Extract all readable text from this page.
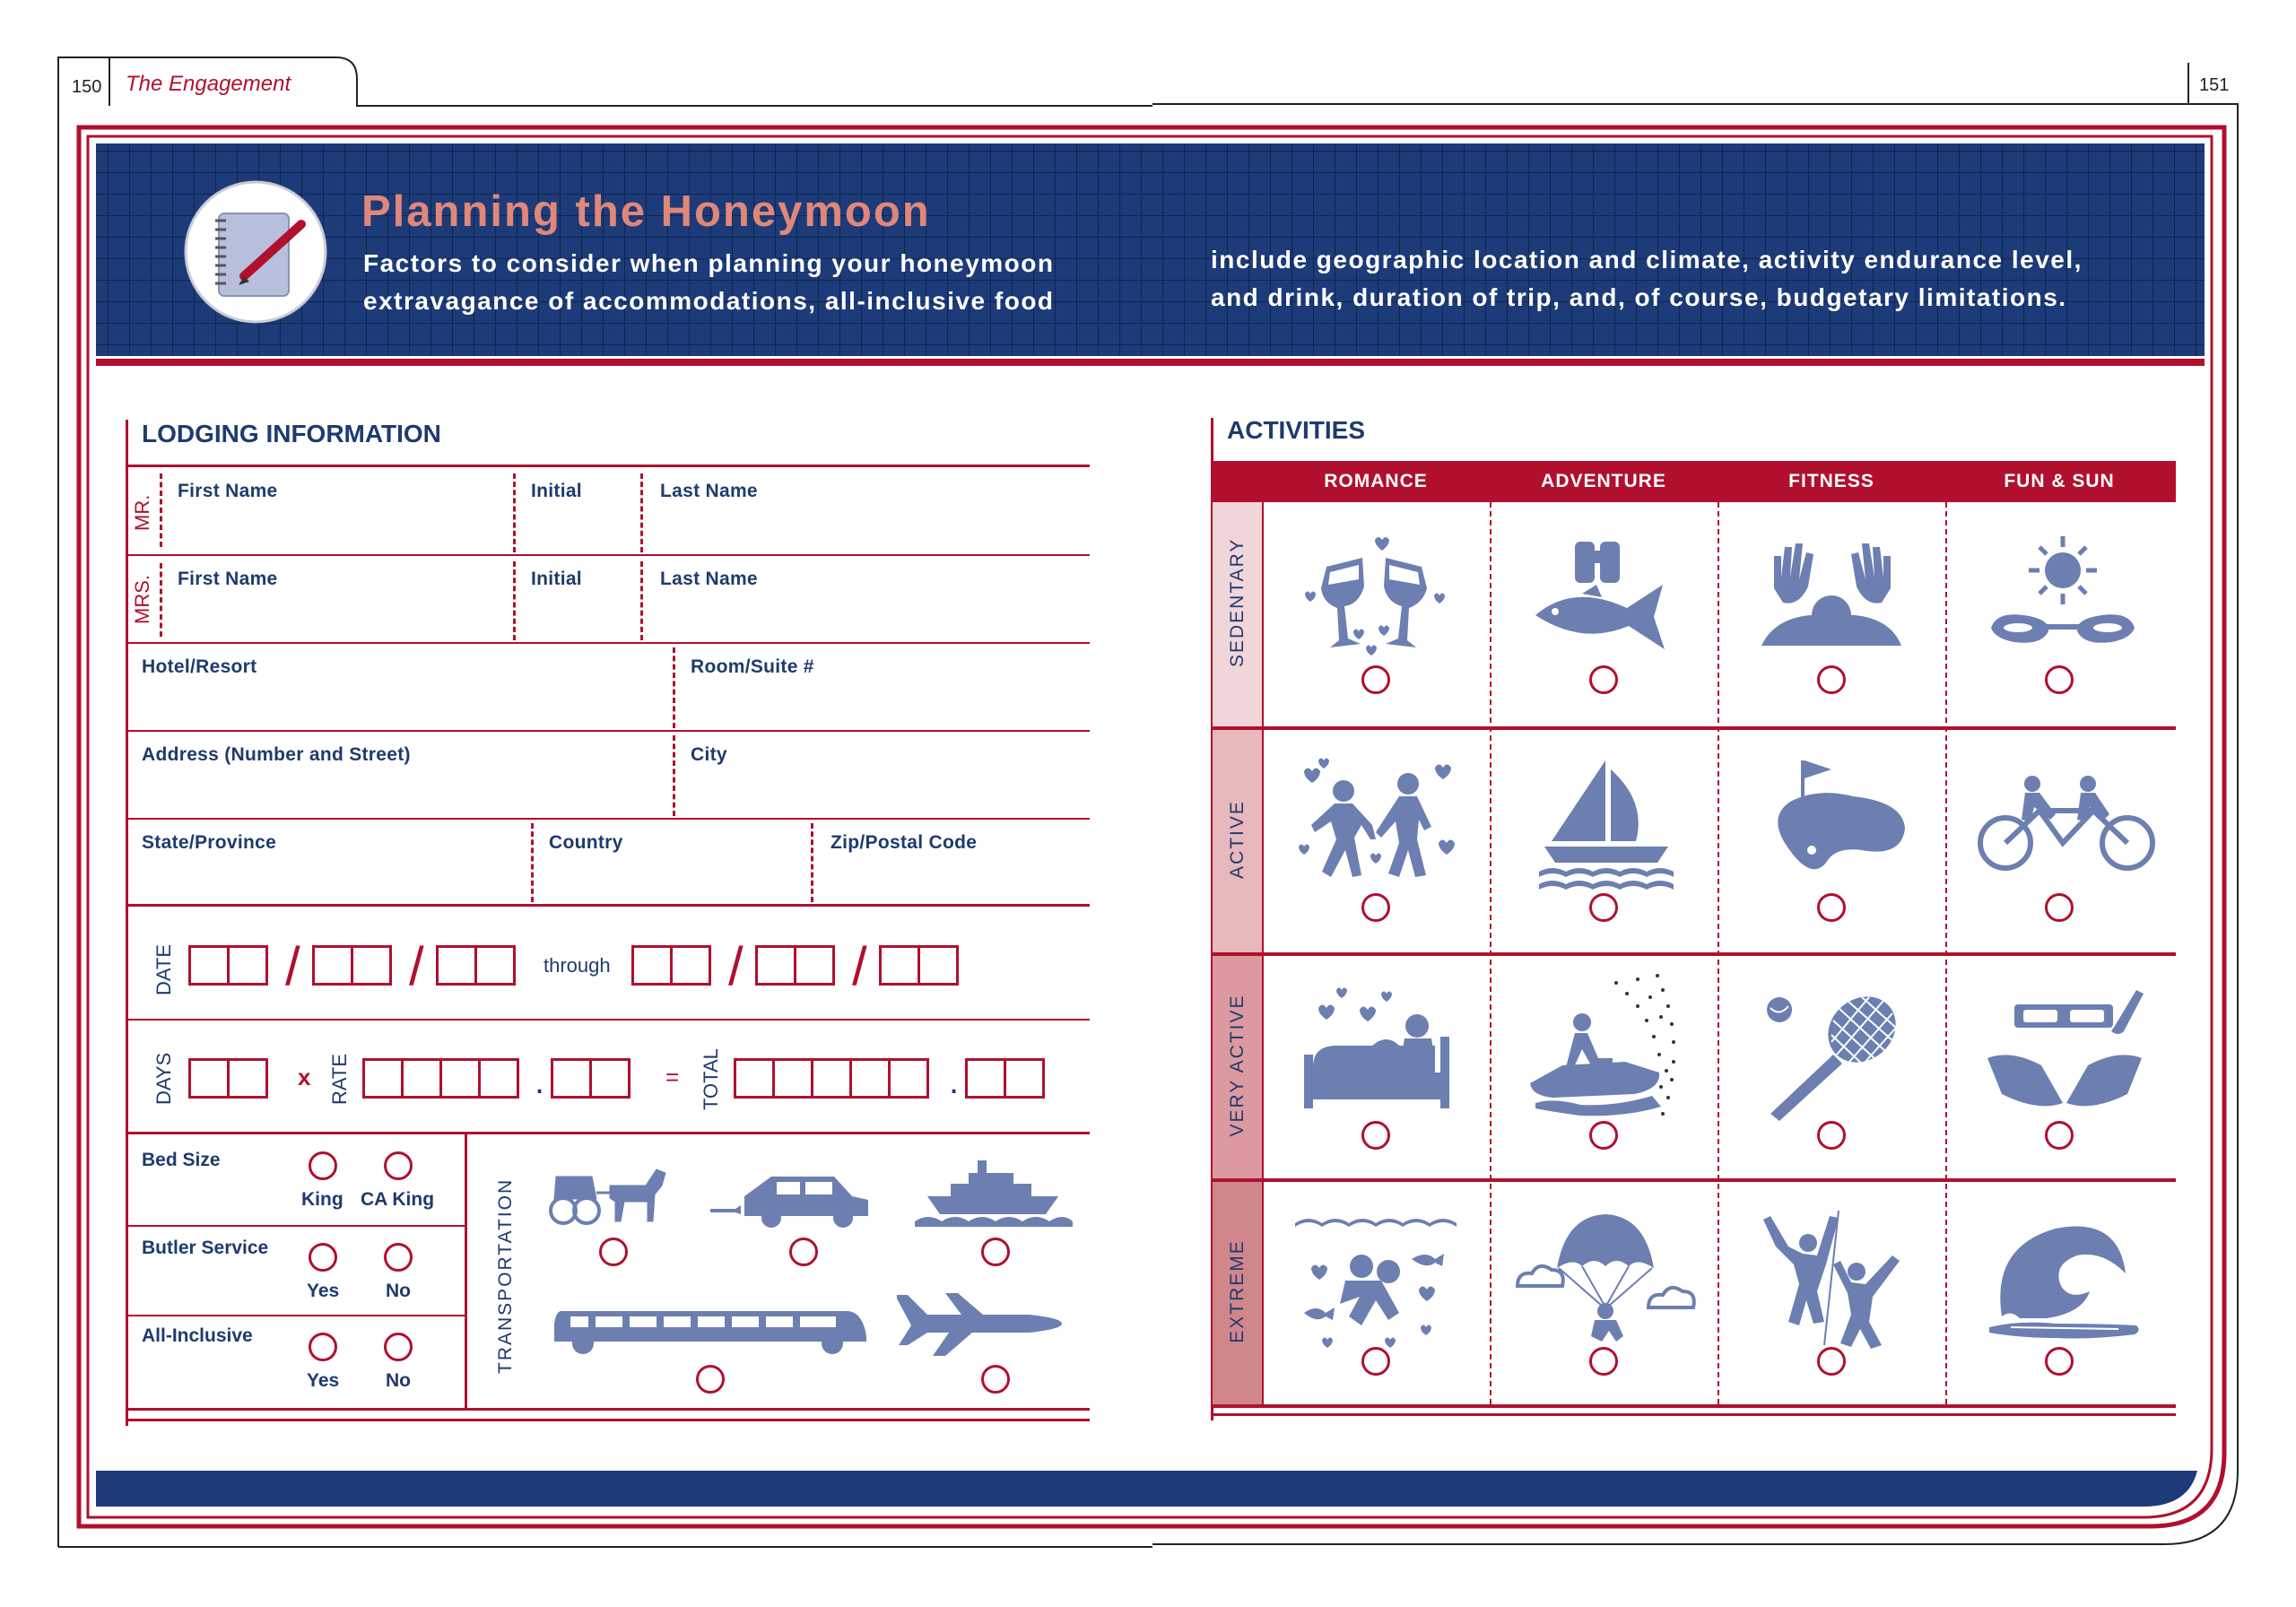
150 The Engagement	151
Planning the Honeymoon
Factors to consider when planning your honeymoon
extravagance of accommodations, all-inclusive food
include geographic location and climate, activity endurance level,
and drink, duration of trip, and, of course, budgetary limitations.
LODGING INFORMATION
MR.
First Name	Initial	Last Name
MRS. First Name	Initial	Last Name
Hotel/Resort	Room/Suite #
Address (Number and Street)	City
State/Province	Country	Zip/Postal Code
DATE / /	through / /
DAYS	x RATE	.	= TOTAL	.
Bed Size
King CA King
Butler Service
Yes No
All-Inclusive
Yes No
TRANSPORTATION
ACTIVITIES
ROMANCE	ADVENTURE	FITNESS	FUN & SUN
SEDENTARY
ACTIVE
VERY ACTIVE
EXTREME
